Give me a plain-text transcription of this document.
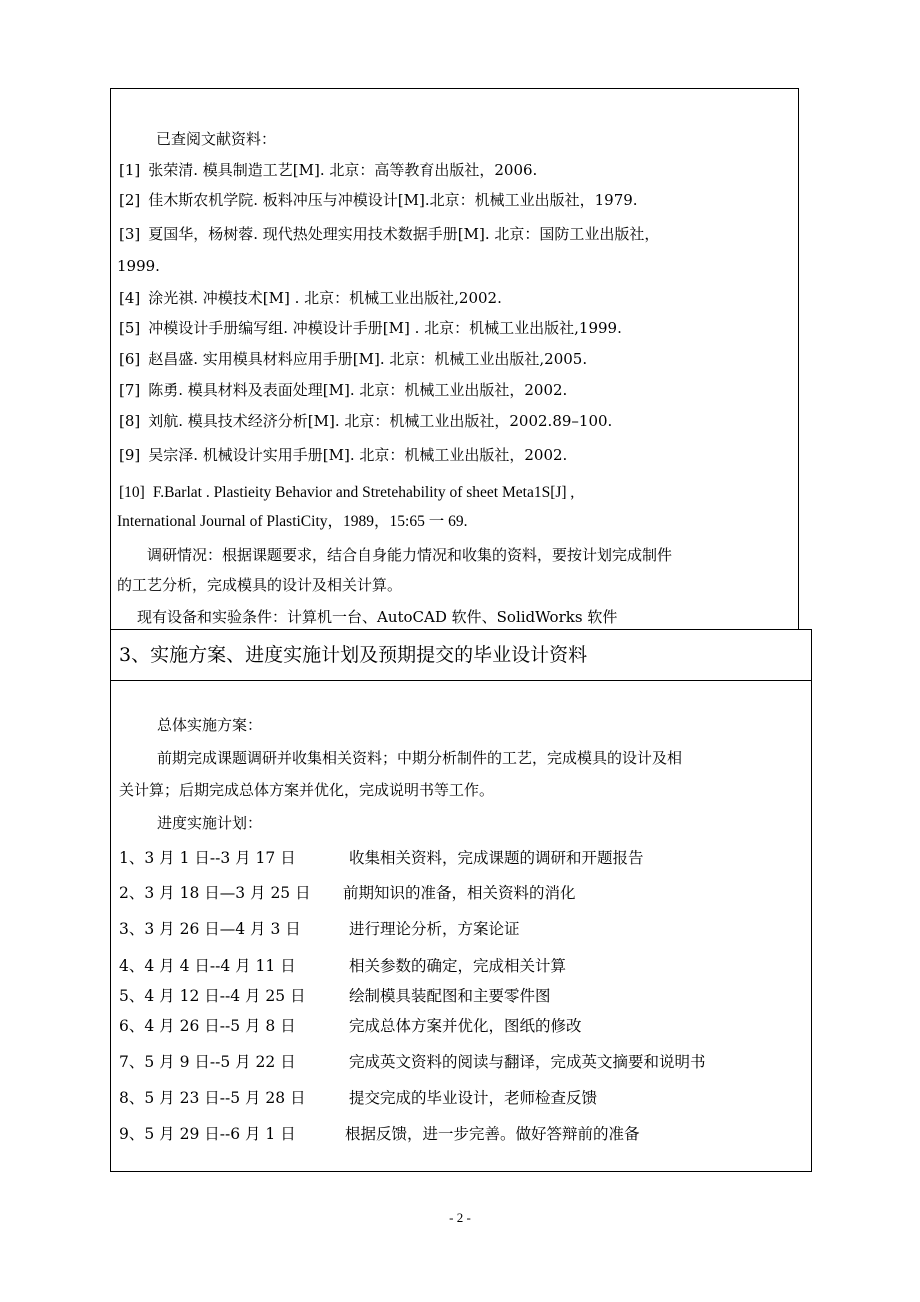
已查阅文献资料：
[1] 张荣清. 模具制造工艺[M]. 北京：高等教育出版社，2006.
[2] 佳木斯农机学院. 板料冲压与冲模设计[M].北京：机械工业出版社，1979.
[3] 夏国华，杨树蓉. 现代热处理实用技术数据手册[M]. 北京：国防工业出版社，
1999.
[4] 涂光祺. 冲模技术[M] . 北京：机械工业出版社,2002.
[5] 冲模设计手册编写组. 冲模设计手册[M] . 北京：机械工业出版社,1999.
[6] 赵昌盛. 实用模具材料应用手册[M]. 北京：机械工业出版社,2005.
[7] 陈勇. 模具材料及表面处理[M]. 北京：机械工业出版社，2002.
[8] 刘航. 模具技术经济分析[M]. 北京：机械工业出版社，2002.89–100.
[9] 吴宗泽. 机械设计实用手册[M]. 北京：机械工业出版社，2002.
[10] F.Barlat . Plastieity Behavior and Stretehability of sheet Meta1S[J] ,
International Journal of PlastiCity，1989，15:65 一 69.
调研情况：根据课题要求，结合自身能力情况和收集的资料，要按计划完成制件
的工艺分析，完成模具的设计及相关计算。
现有设备和实验条件：计算机一台、AutoCAD 软件、SolidWorks 软件
3、实施方案、进度实施计划及预期提交的毕业设计资料
总体实施方案：
前期完成课题调研并收集相关资料；中期分析制件的工艺，完成模具的设计及相
关计算；后期完成总体方案并优化，完成说明书等工作。
进度实施计划：
1、3 月 1 日--3 月 17 日	收集相关资料，完成课题的调研和开题报告
2、3 月 18 日—3 月 25 日 前期知识的准备，相关资料的消化
3、3 月 26 日—4 月 3 日	进行理论分析，方案论证
4、4 月 4 日--4 月 11 日	相关参数的确定，完成相关计算
5、4 月 12 日--4 月 25 日	绘制模具装配图和主要零件图
6、4 月 26 日--5 月 8 日	完成总体方案并优化，图纸的修改
7、5 月 9 日--5 月 22 日	完成英文资料的阅读与翻译，完成英文摘要和说明书
8、5 月 23 日--5 月 28 日	提交完成的毕业设计，老师检查反馈
9、5 月 29 日--6 月 1 日	根据反馈，进一步完善。做好答辩前的准备
- 2 -
